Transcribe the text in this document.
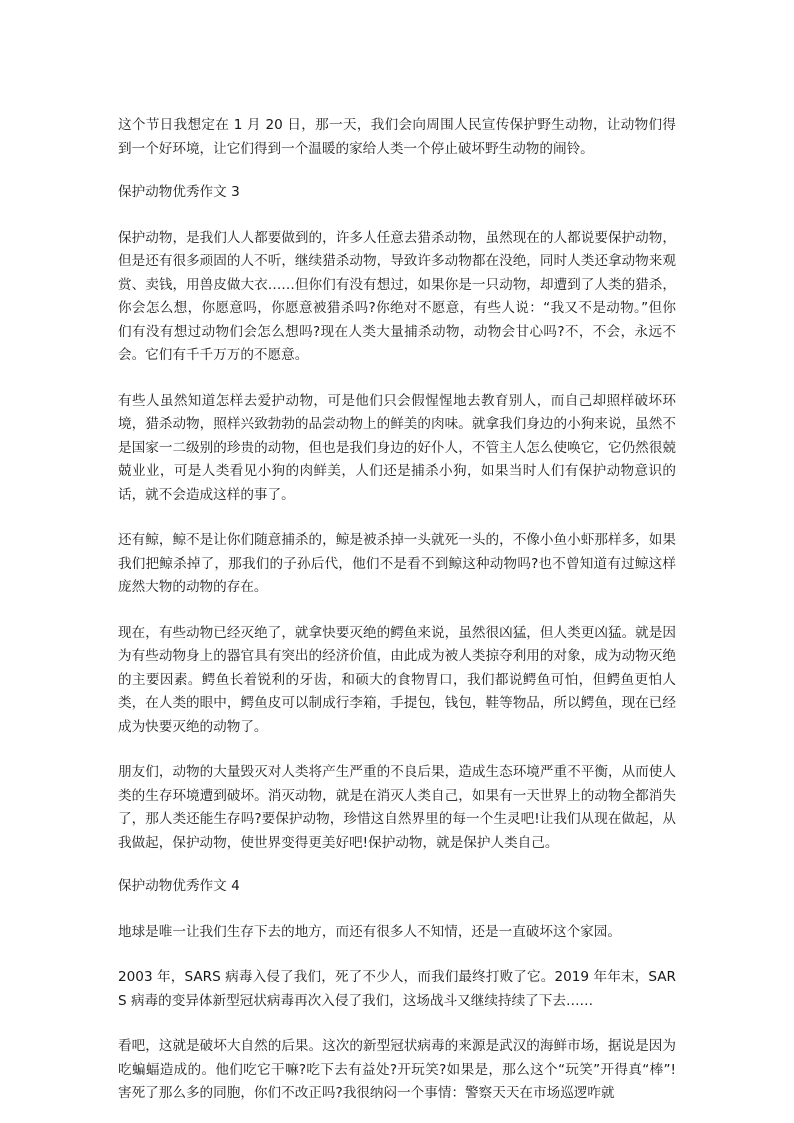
这个节日我想定在 1 月 20 日，那一天，我们会向周围人民宣传保护野生动物，让动物们得到一个好环境，让它们得到一个温暖的家给人类一个停止破坏野生动物的闹铃。

保护动物优秀作文 3

保护动物，是我们人人都要做到的，许多人任意去猎杀动物，虽然现在的人都说要保护动物，但是还有很多顽固的人不听，继续猎杀动物，导致许多动物都在没绝，同时人类还拿动物来观赏、卖钱，用兽皮做大衣……但你们有没有想过，如果你是一只动物，却遭到了人类的猎杀，你会怎么想，你愿意吗，你愿意被猎杀吗?你绝对不愿意，有些人说：“我又不是动物。”但你们有没有想过动物们会怎么想吗?现在人类大量捕杀动物，动物会甘心吗?不，不会，永远不会。它们有千千万万的不愿意。

有些人虽然知道怎样去爱护动物，可是他们只会假惺惺地去教育别人，而自己却照样破坏环境，猎杀动物，照样兴致勃勃的品尝动物上的鲜美的肉味。就拿我们身边的小狗来说，虽然不是国家一二级别的珍贵的动物，但也是我们身边的好仆人，不管主人怎么使唤它，它仍然很兢兢业业，可是人类看见小狗的肉鲜美，人们还是捕杀小狗，如果当时人们有保护动物意识的话，就不会造成这样的事了。

还有鲸，鲸不是让你们随意捕杀的，鲸是被杀掉一头就死一头的，不像小鱼小虾那样多，如果我们把鲸杀掉了，那我们的子孙后代，他们不是看不到鲸这种动物吗?也不曾知道有过鲸这样庞然大物的动物的存在。

现在，有些动物已经灭绝了，就拿快要灭绝的鳄鱼来说，虽然很凶猛，但人类更凶猛。就是因为有些动物身上的器官具有突出的经济价值，由此成为被人类掠夺利用的对象，成为动物灭绝的主要因素。鳄鱼长着锐利的牙齿，和硕大的食物胃口，我们都说鳄鱼可怕，但鳄鱼更怕人类，在人类的眼中，鳄鱼皮可以制成行李箱，手提包，钱包，鞋等物品，所以鳄鱼，现在已经成为快要灭绝的动物了。

朋友们，动物的大量毁灭对人类将产生严重的不良后果，造成生态环境严重不平衡，从而使人类的生存环境遭到破坏。消灭动物，就是在消灭人类自己，如果有一天世界上的动物全都消失了，那人类还能生存吗?要保护动物，珍惜这自然界里的每一个生灵吧!让我们从现在做起，从我做起，保护动物，使世界变得更美好吧!保护动物，就是保护人类自己。

保护动物优秀作文 4

地球是唯一让我们生存下去的地方，而还有很多人不知情，还是一直破坏这个家园。

2003 年，SARS 病毒入侵了我们，死了不少人，而我们最终打败了它。2019 年年末，SARS 病毒的变异体新型冠状病毒再次入侵了我们，这场战斗又继续持续了下去……

看吧，这就是破坏大自然的后果。这次的新型冠状病毒的来源是武汉的海鲜市场，据说是因为吃蝙蝠造成的。他们吃它干嘛?吃下去有益处?开玩笑?如果是，那么这个“玩笑”开得真“棒”!害死了那么多的同胞，你们不改正吗?我很纳闷一个事情：警察天天在市场巡逻咋就
